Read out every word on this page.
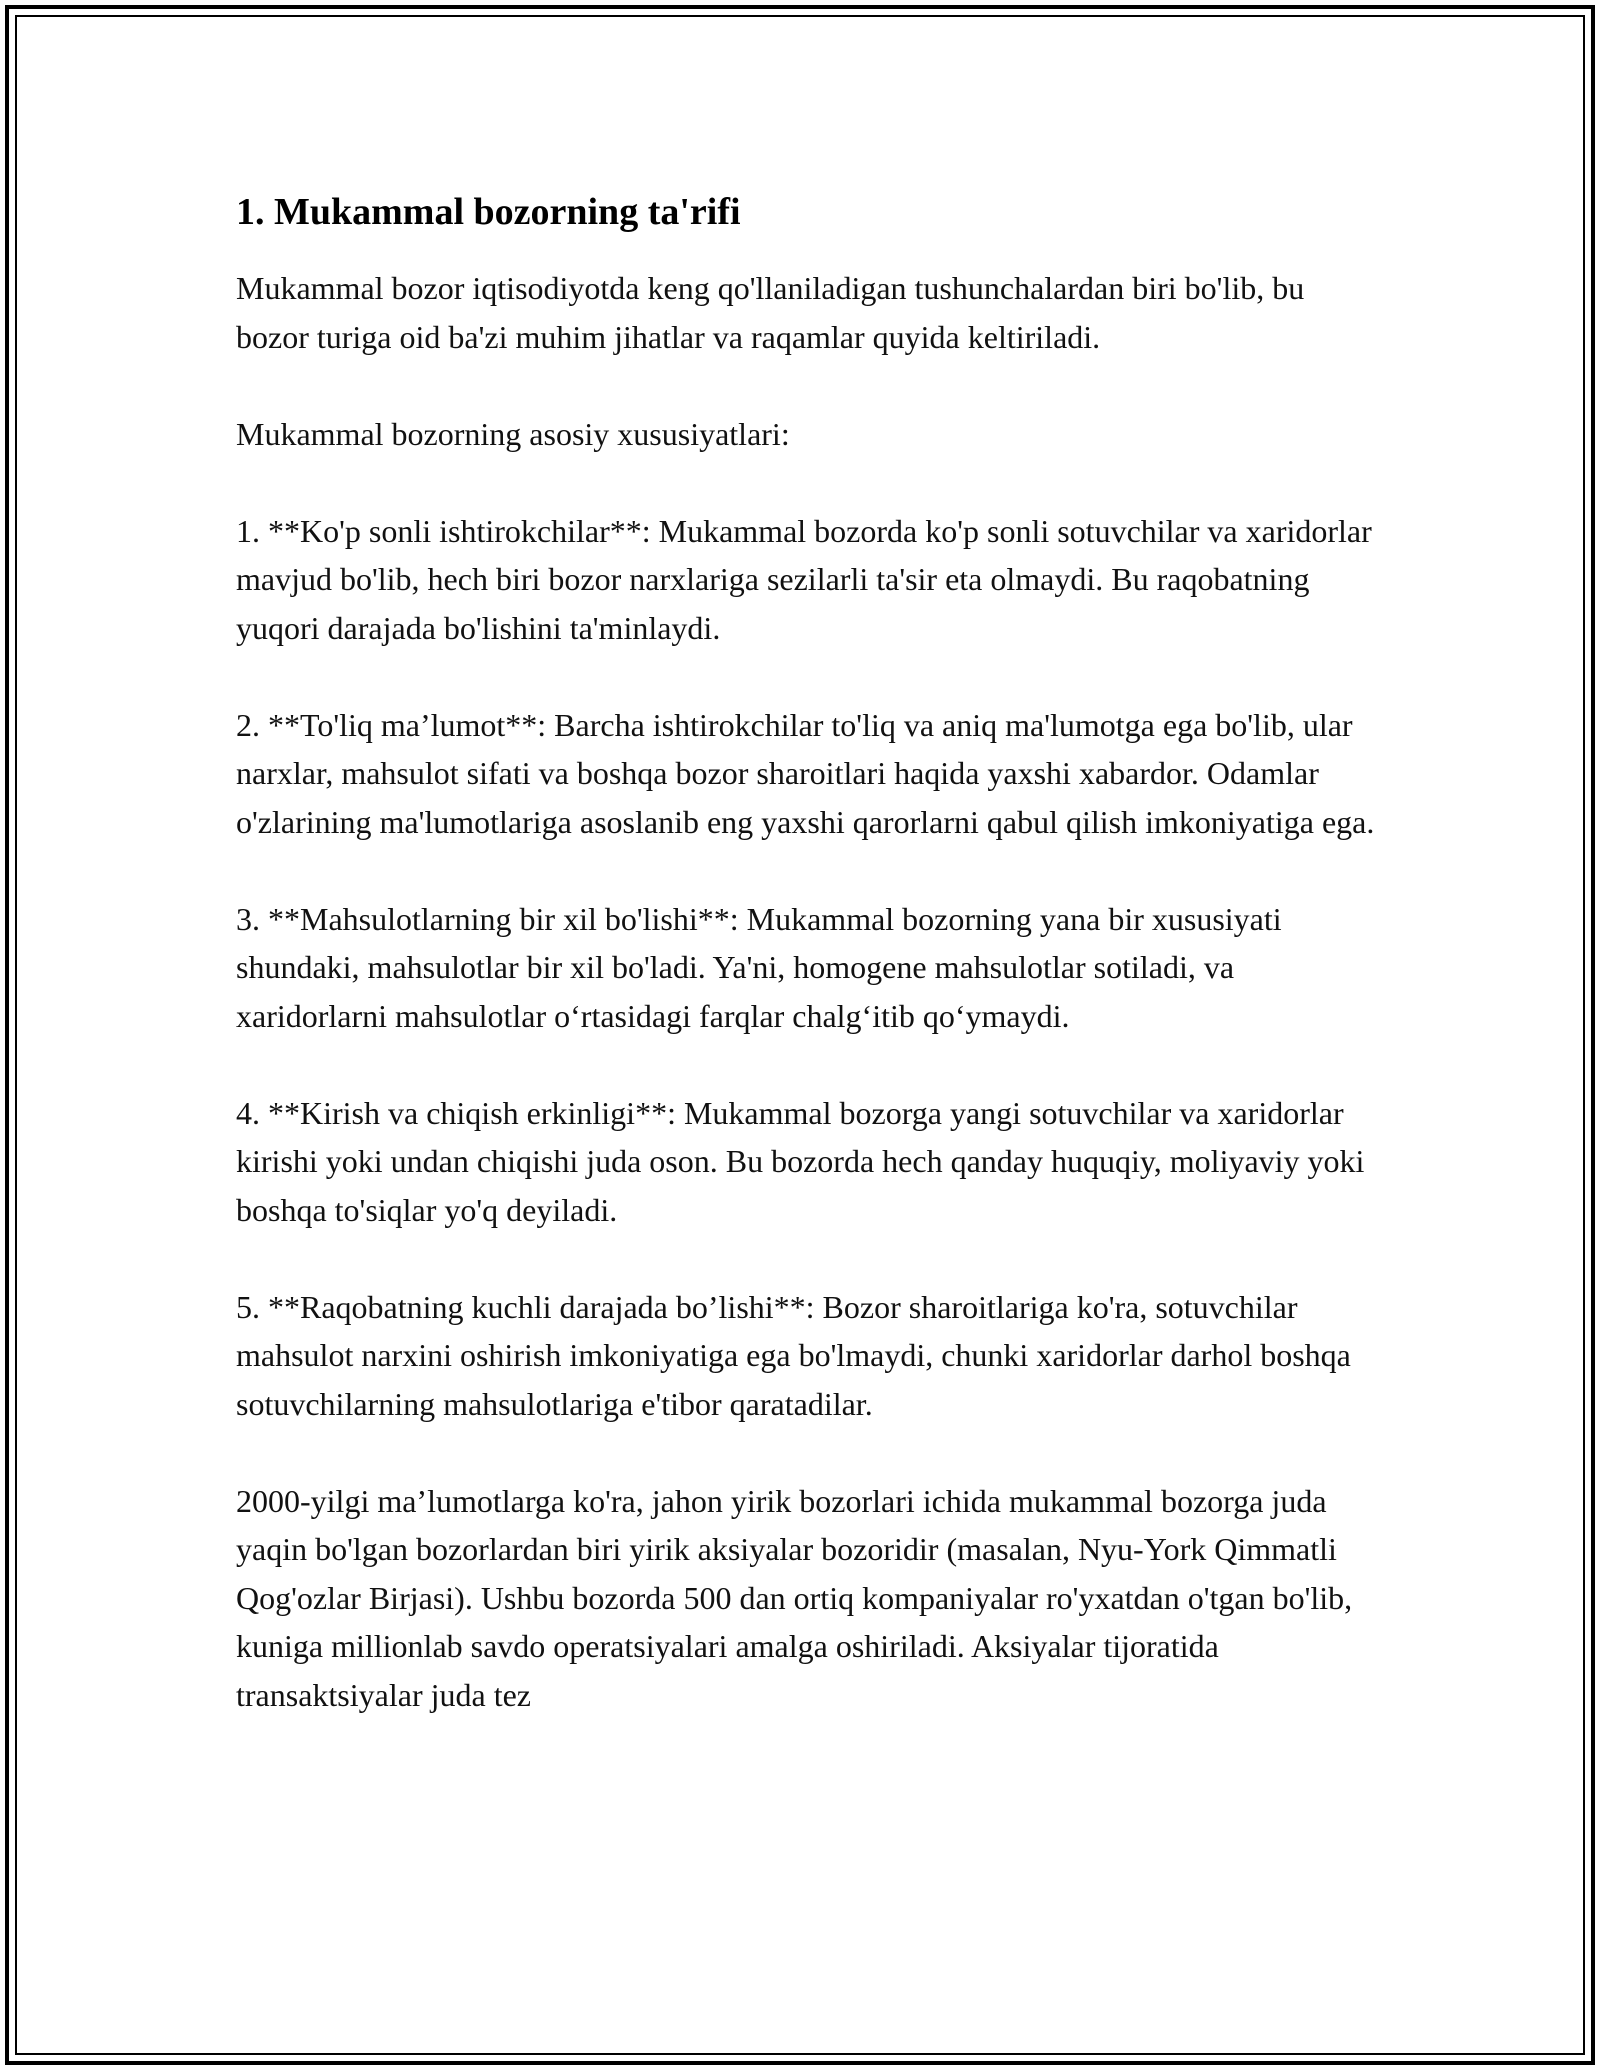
1. Mukammal bozorning ta'rifi

Mukammal bozor iqtisodiyotda keng qo'llaniladigan tushunchalardan biri bo'lib, bu bozor turiga oid ba'zi muhim jihatlar va raqamlar quyida keltiriladi.

Mukammal bozorning asosiy xususiyatlari:

1. **Ko'p sonli ishtirokchilar**: Mukammal bozorda ko'p sonli sotuvchilar va xaridorlar mavjud bo'lib, hech biri bozor narxlariga sezilarli ta'sir eta olmaydi. Bu raqobatning yuqori darajada bo'lishini ta'minlaydi.

2. **To'liq ma’lumot**: Barcha ishtirokchilar to'liq va aniq ma'lumotga ega bo'lib, ular narxlar, mahsulot sifati va boshqa bozor sharoitlari haqida yaxshi xabardor. Odamlar o'zlarining ma'lumotlariga asoslanib eng yaxshi qarorlarni qabul qilish imkoniyatiga ega.

3. **Mahsulotlarning bir xil bo'lishi**: Mukammal bozorning yana bir xususiyati shundaki, mahsulotlar bir xil bo'ladi. Ya'ni, homogene mahsulotlar sotiladi, va xaridorlarni mahsulotlar o‘rtasidagi farqlar chalg‘itib qo‘ymaydi.

4. **Kirish va chiqish erkinligi**: Mukammal bozorga yangi sotuvchilar va xaridorlar kirishi yoki undan chiqishi juda oson. Bu bozorda hech qanday huquqiy, moliyaviy yoki boshqa to'siqlar yo'q deyiladi.

5. **Raqobatning kuchli darajada bo’lishi**: Bozor sharoitlariga ko'ra, sotuvchilar mahsulot narxini oshirish imkoniyatiga ega bo'lmaydi, chunki xaridorlar darhol boshqa sotuvchilarning mahsulotlariga e'tibor qaratadilar.

2000-yilgi ma’lumotlarga ko'ra, jahon yirik bozorlari ichida mukammal bozorga juda yaqin bo'lgan bozorlardan biri yirik aksiyalar bozoridir (masalan, Nyu-York Qimmatli Qog'ozlar Birjasi). Ushbu bozorda 500 dan ortiq kompaniyalar ro'yxatdan o'tgan bo'lib, kuniga millionlab savdo operatsiyalari amalga oshiriladi. Aksiyalar tijoratida transaktsiyalar juda tez
